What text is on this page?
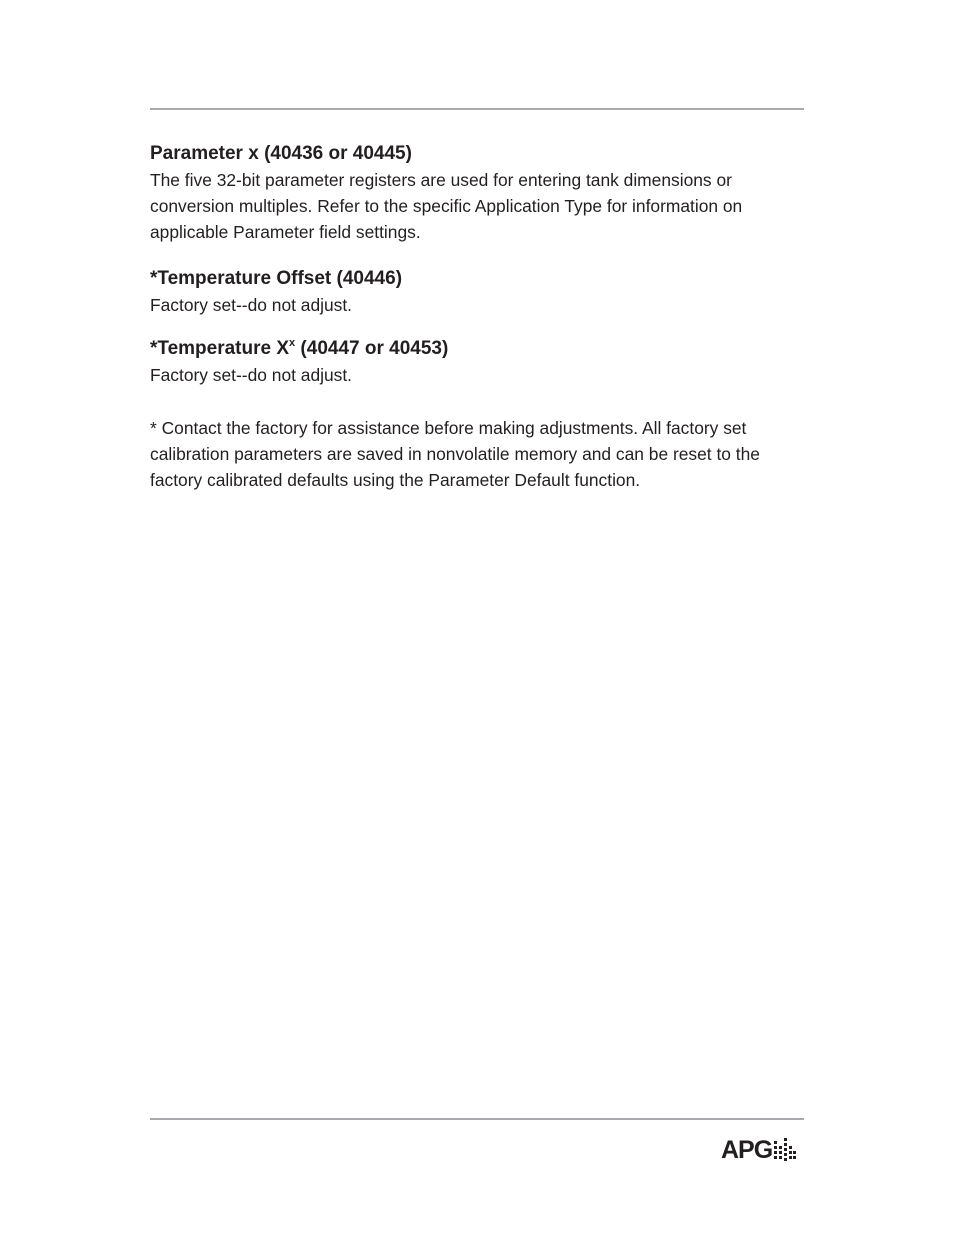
Parameter x (40436 or 40445)

The five 32-bit parameter registers are used for entering tank dimensions or conversion multiples. Refer to the specific Application Type for information on applicable Parameter field settings.

*Temperature Offset (40446)

Factory set--do not adjust.

*Temperature $X^x$ (40447 or 40453)

Factory set--do not adjust.

* Contact the factory for assistance before making adjustments. All factory set calibration parameters are saved in nonvolatile memory and can be reset to the factory calibrated defaults using the Parameter Default function.

APG
